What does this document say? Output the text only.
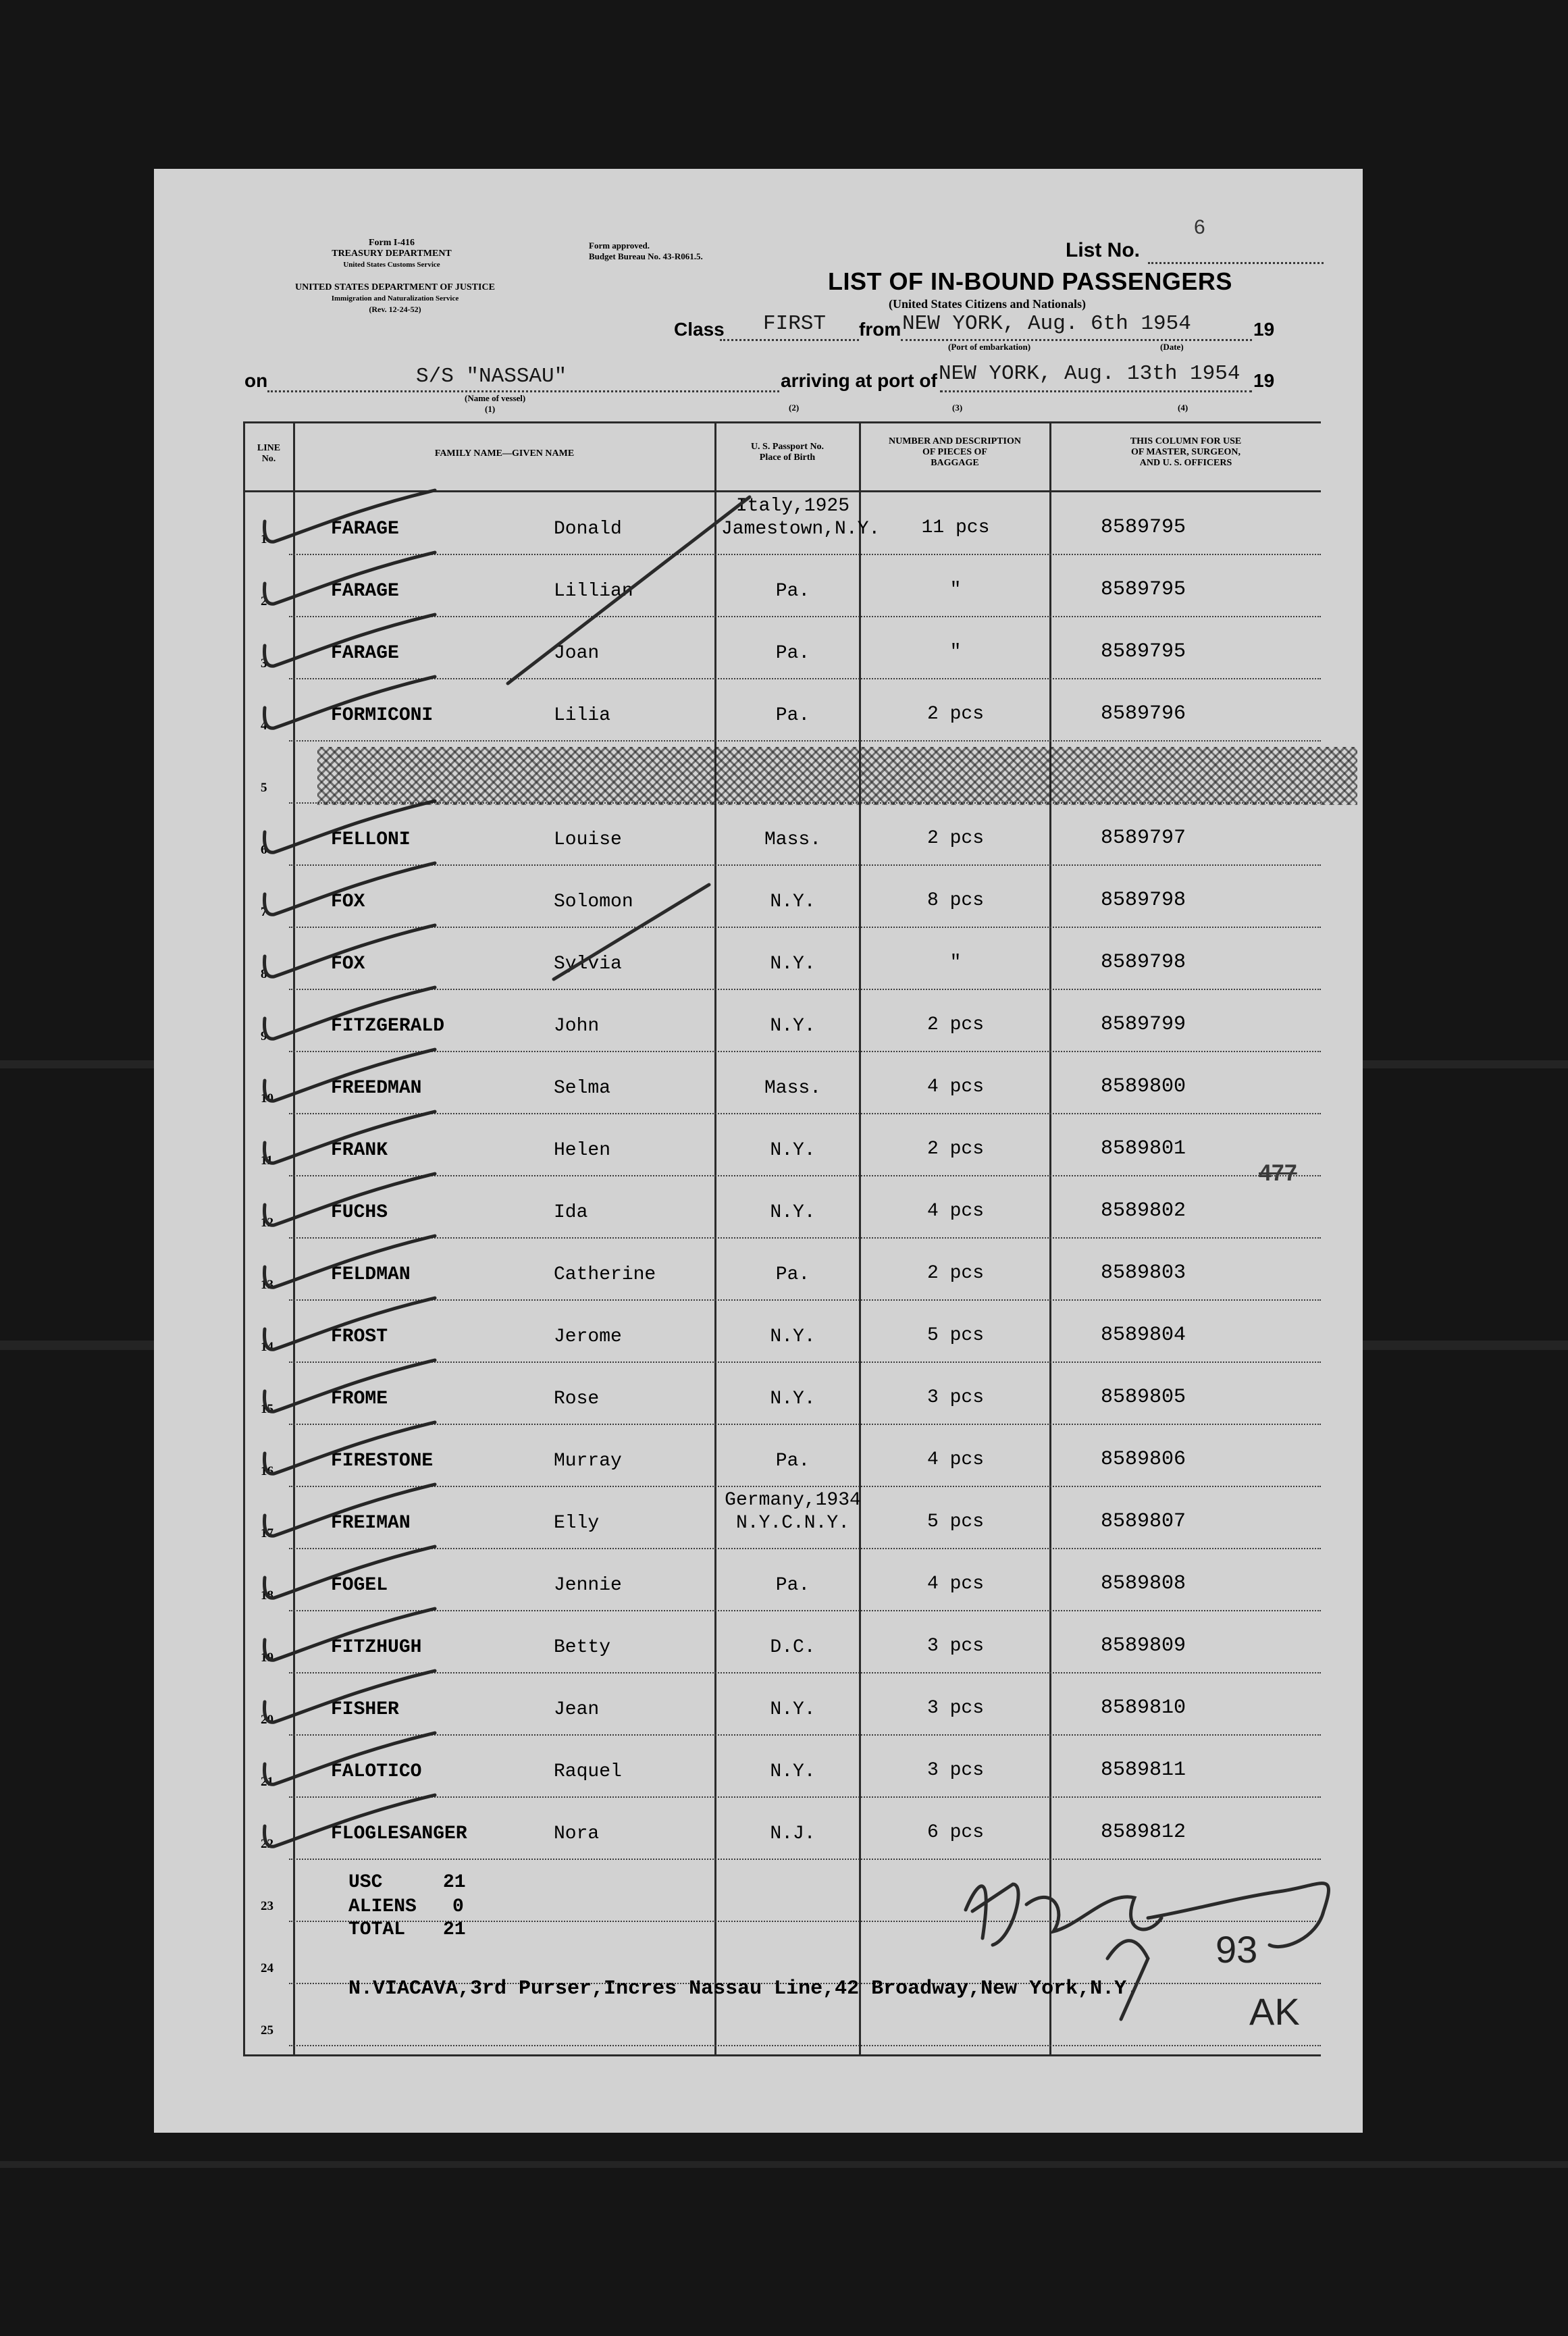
Form I-416
TREASURY DEPARTMENT
United States Customs Service
UNITED STATES DEPARTMENT OF JUSTICE
Immigration and Naturalization Service
(Rev. 12-24-52)
Form approved.
Budget Bureau No. 43-R061.5.	List No.
6
LIST OF IN-BOUND PASSENGERS
(United States Citizens and Nationals)
Class FIRST from NEW YORK, Aug. 6th 1954	19
(Port of embarkation)	(Date)
on	S/S "NASSAU"
(Name of vessel)
(1)
arriving at port of NEW YORK, Aug. 13th 1954 19
(2)	(3)	(4)
LINE
No.
FAMILY NAME—GIVEN NAME
U. S. Passport No.
Place of Birth
NUMBER AND DESCRIPTION
OF PIECES OF
BAGGAGE
THIS COLUMN FOR USE
OF MASTER, SURGEON,
AND U. S. OFFICERS
1	FARAGE	Donald
Italy,1925
Jamestown,N.Y.	11 pcs	8589795
2	FARAGE	Lillian	Pa.	"	8589795
3	FARAGE	Joan	Pa.	"	8589795
4	FORMICONI	Lilia	Pa.	2 pcs	8589796
5
6	FELLONI	Louise	Mass.	2 pcs	8589797
7	FOX	Solomon	N.Y.	8 pcs	8589798
8	FOX	Sylvia	N.Y.	"	8589798
9	FITZGERALD	John	N.Y.	2 pcs	8589799
10	FREEDMAN	Selma	Mass.	4 pcs	8589800
11	FRANK	Helen	N.Y.	2 pcs	8589801
12	FUCHS	Ida	N.Y.	4 pcs	8589802
13	FELDMAN	Catherine	Pa.	2 pcs	8589803
14	FROST	Jerome	N.Y.	5 pcs	8589804
15	FROME	Rose	N.Y.	3 pcs	8589805
16	FIRESTONE	Murray	Pa.	4 pcs	8589806
17	FREIMAN	Elly
Germany,1934
N.Y.C.N.Y.	5 pcs	8589807
18	FOGEL	Jennie	Pa.	4 pcs	8589808
19	FITZHUGH	Betty	D.C.	3 pcs	8589809
20	FISHER	Jean	N.Y.	3 pcs	8589810
21	FALOTICO	Raquel	N.Y.	3 pcs	8589811
22	FLOGLESANGER	Nora	N.J.	6 pcs	8589812
23
24
25
USC	21
ALIENS 0
TOTAL 21
N.VIACAVA,3rd Purser,Incres Nassau Line,42 Broadway,New York,N.Y.
477
93
AK
